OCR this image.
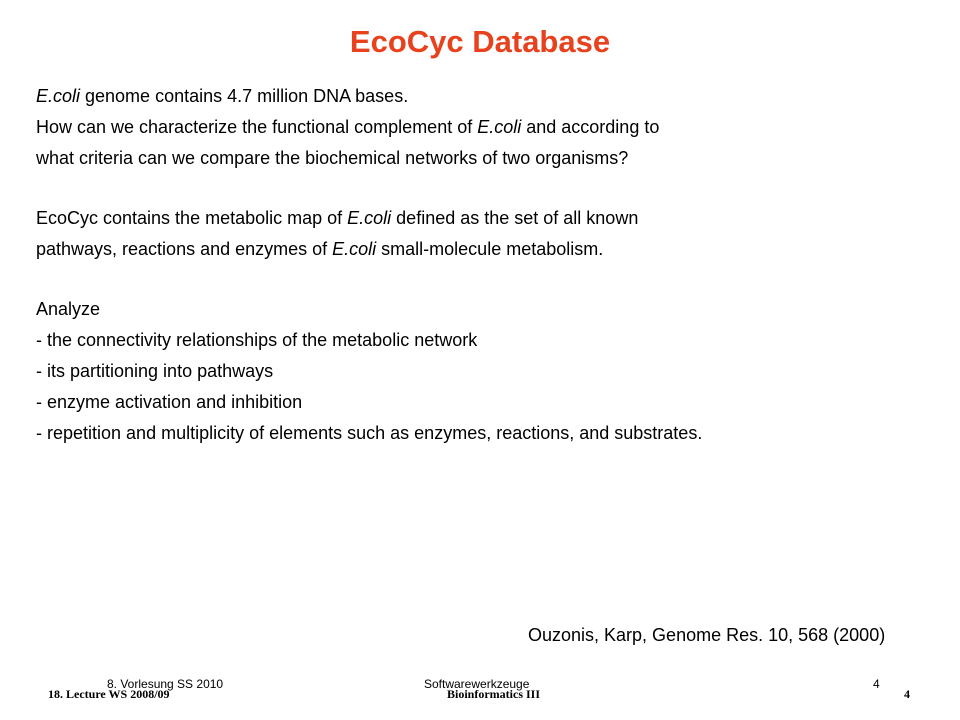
EcoCyc Database
E.coli genome contains 4.7 million DNA bases.
How can we characterize the functional complement of E.coli and according to
what criteria can we compare the biochemical networks of two organisms?
EcoCyc contains the metabolic map of E.coli defined as the set of all known
pathways, reactions and enzymes of E.coli small-molecule metabolism.
Analyze
- the connectivity relationships of the metabolic network
- its partitioning into pathways
- enzyme activation and inhibition
- repetition and multiplicity of elements such as enzymes, reactions, and substrates.
Ouzonis, Karp, Genome Res. 10, 568 (2000)
8. Vorlesung SS 2010	Softwarewerkzeuge	4
18. Lecture WS 2008/09	Bioinformatics III	4
